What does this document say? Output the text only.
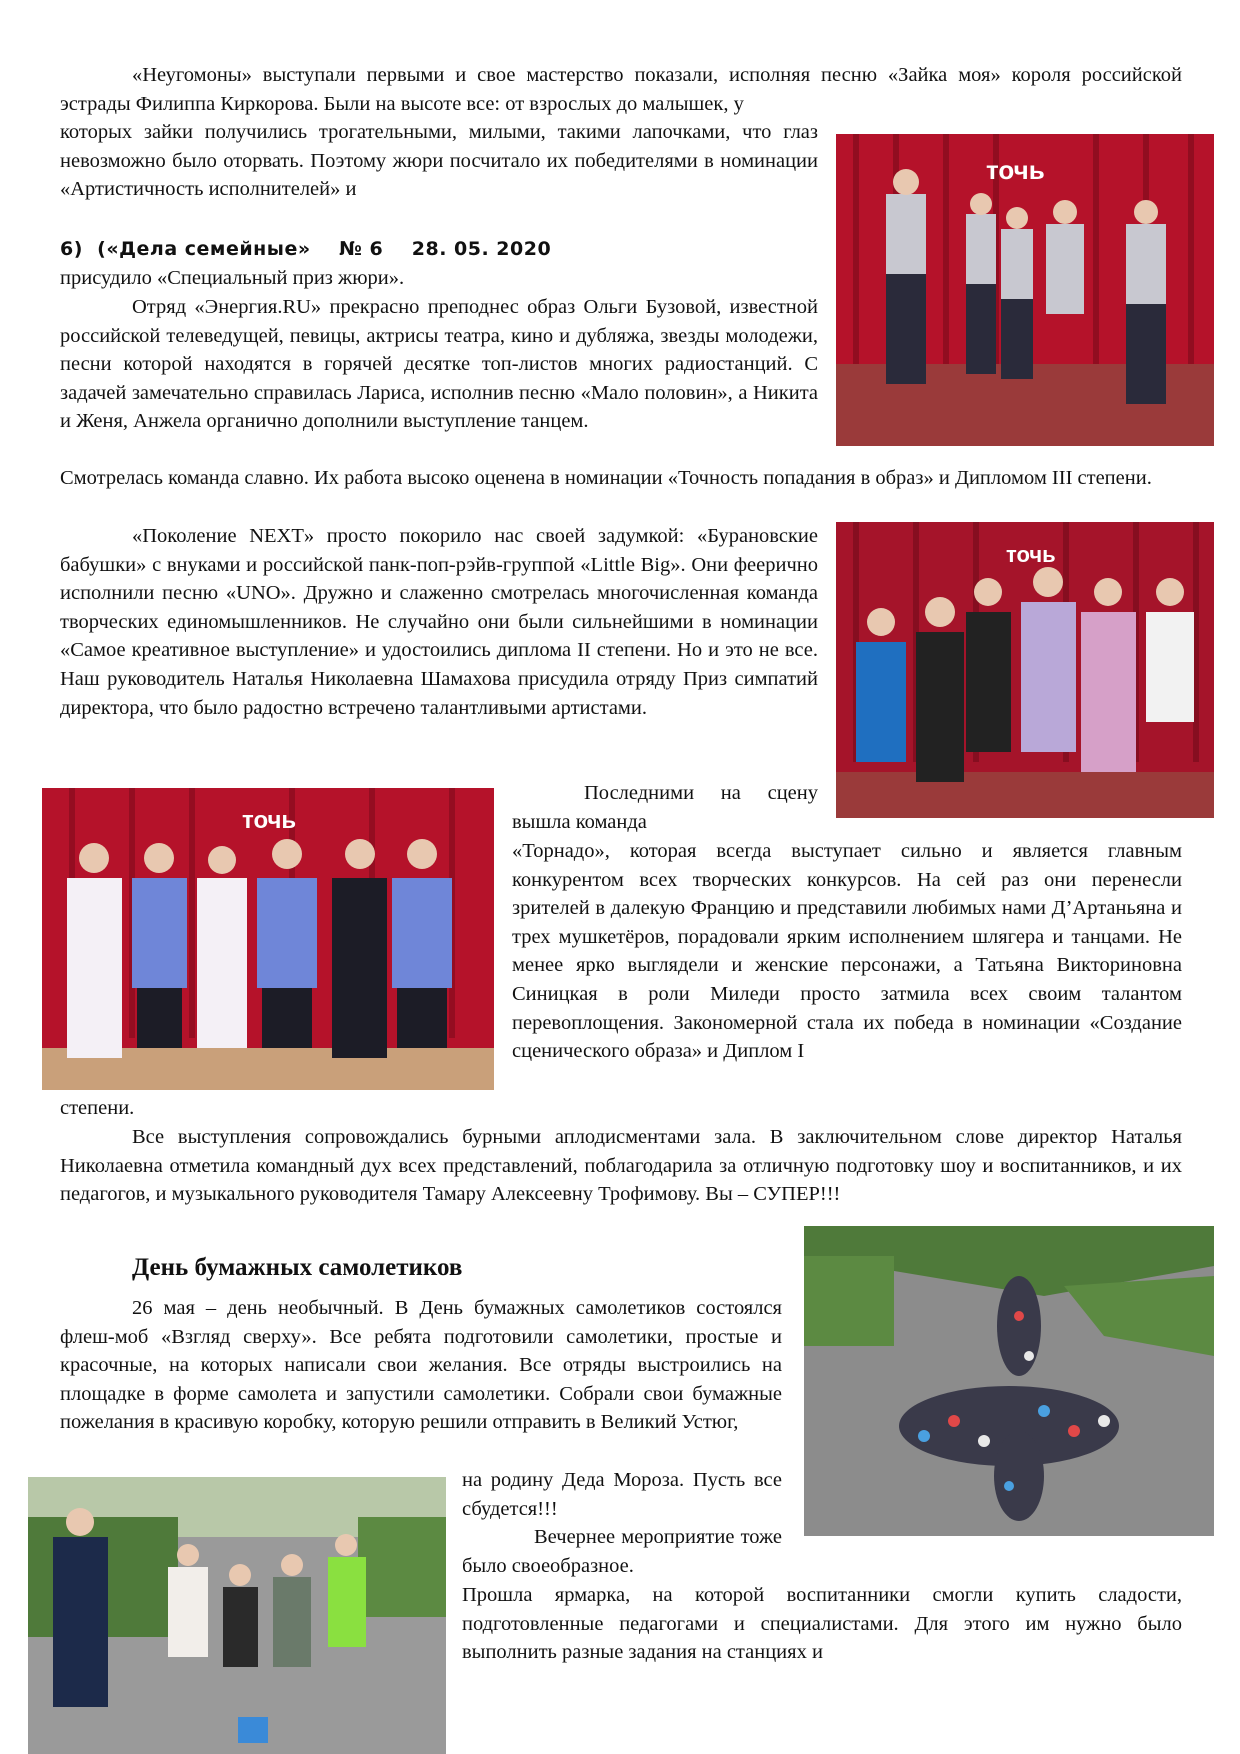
«Неугомоны» выступали первыми и свое мастерство показали, исполняя песню «Зайка моя» короля российской эстрады Филиппа Киркорова. Были на высоте все: от взрослых до малышек, у

которых зайки получились трогательными, милыми, такими лапочками, что глаз невозможно было оторвать. Поэтому жюри посчитало их победителями в номинации «Артистичность исполнителей» и

6) («Дела семейные» № 6 28. 05. 2020

присудило «Специальный приз жюри».

Отряд «Энергия.RU» прекрасно преподнес образ Ольги Бузовой, известной российской телеведущей, певицы, актрисы театра, кино и дубляжа, звезды молодежи, песни которой находятся в горячей десятке топ-листов многих радиостанций. С задачей замечательно справилась Лариса, исполнив песню «Мало половин», а Никита и Женя, Анжела органично дополнили выступление танцем.

Смотрелась команда славно. Их работа высоко оценена в номинации «Точность попадания в образ» и Дипломом III степени.

«Поколение NEXT» просто покорило нас своей задумкой: «Бурановские бабушки» с внуками и российской панк-поп-рэйв-группой «Little Big». Они феерично исполнили песню «UNO». Дружно и слаженно смотрелась многочисленная команда творческих единомышленников. Не случайно они были сильнейшими в номинации «Самое креативное выступление» и удостоились диплома II степени. Но и это не все. Наш руководитель Наталья Николаевна Шамахова присудила отряду Приз симпатий директора, что было радостно встречено талантливыми артистами.

Последними на сцену вышла команда

«Торнадо», которая всегда выступает сильно и является главным конкурентом всех творческих конкурсов. На сей раз они перенесли зрителей в далекую Францию и представили любимых нами Д’Артаньяна и трех мушкетёров, порадовали ярким исполнением шлягера и танцами. Не менее ярко выглядели и женские персонажи, а Татьяна Викториновна Синицкая в роли Миледи просто затмила всех своим талантом перевоплощения. Закономерной стала их победа в номинации «Создание сценического образа» и Диплом I

степени.

Все выступления сопровождались бурными аплодисментами зала. В заключительном слове директор Наталья Николаевна отметила командный дух всех представлений, поблагодарила за отличную подготовку шоу и воспитанников, и их педагогов, и музыкального руководителя Тамару Алексеевну Трофимову. Вы – СУПЕР!!!

День бумажных самолетиков

26 мая – день необычный. В День бумажных самолетиков состоялся флеш-моб «Взгляд сверху». Все ребята подготовили самолетики, простые и красочные, на которых написали свои желания. Все отряды выстроились на площадке в форме самолета и запустили самолетики. Собрали свои бумажные пожелания в красивую коробку, которую решили отправить в Великий Устюг,

на родину Деда Мороза. Пусть все сбудется!!!

Вечернее мероприятие тоже было своеобразное.

Прошла ярмарка, на которой воспитанники смогли купить сладости, подготовленные педагогами и специалистами. Для этого им нужно было выполнить разные задания на станциях и

точь
точь
точь
